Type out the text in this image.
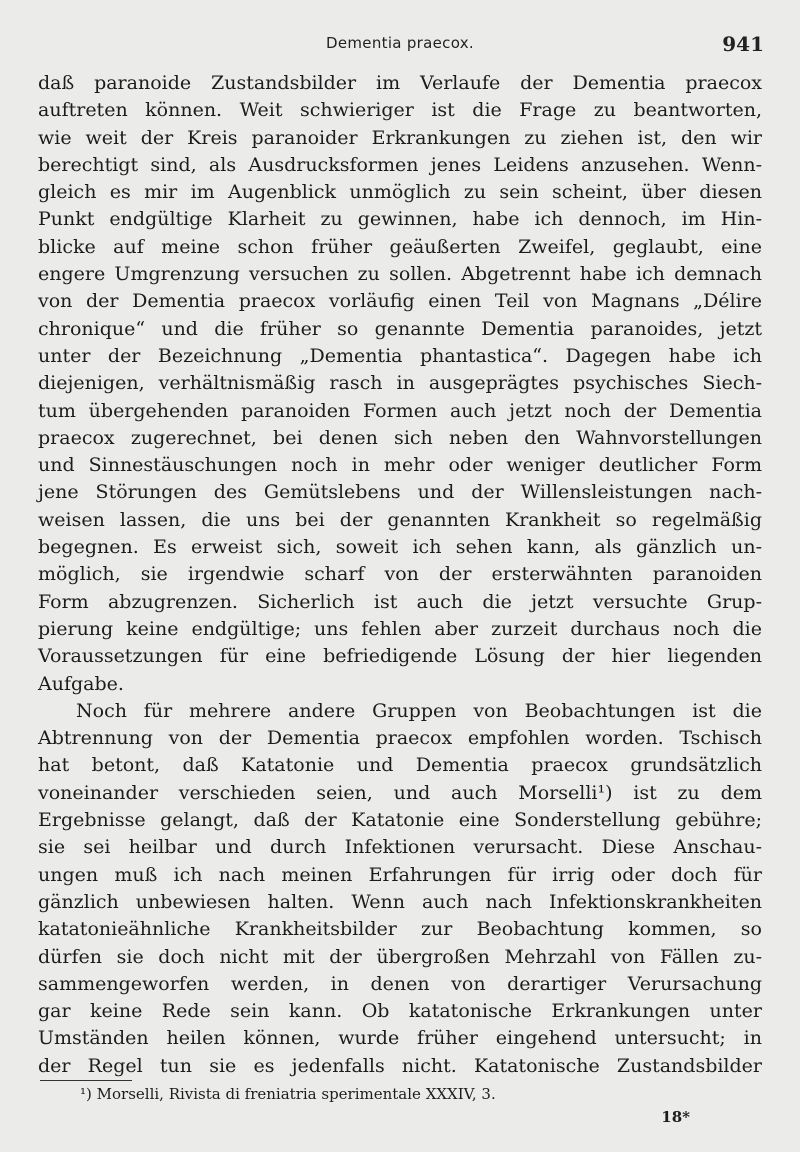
Dementia praecox.	941
daß paranoide Zustandsbilder im Verlaufe der Dementia praecox
auftreten können. Weit schwieriger ist die Frage zu beantworten,
wie weit der Kreis paranoider Erkrankungen zu ziehen ist, den wir
berechtigt sind, als Ausdrucksformen jenes Leidens anzusehen. Wenn-
gleich es mir im Augenblick unmöglich zu sein scheint, über diesen
Punkt endgültige Klarheit zu gewinnen, habe ich dennoch, im Hin-
blicke auf meine schon früher geäußerten Zweifel, geglaubt, eine
engere Umgrenzung versuchen zu sollen. Abgetrennt habe ich demnach
von der Dementia praecox vorläufig einen Teil von Magnans „Délire
chronique“ und die früher so genannte Dementia paranoides, jetzt
unter der Bezeichnung „Dementia phantastica“. Dagegen habe ich
diejenigen, verhältnismäßig rasch in ausgeprägtes psychisches Siech-
tum übergehenden paranoiden Formen auch jetzt noch der Dementia
praecox zugerechnet, bei denen sich neben den Wahnvorstellungen
und Sinnestäuschungen noch in mehr oder weniger deutlicher Form
jene Störungen des Gemütslebens und der Willensleistungen nach-
weisen lassen, die uns bei der genannten Krankheit so regelmäßig
begegnen. Es erweist sich, soweit ich sehen kann, als gänzlich un-
möglich, sie irgendwie scharf von der ersterwähnten paranoiden
Form abzugrenzen. Sicherlich ist auch die jetzt versuchte Grup-
pierung keine endgültige; uns fehlen aber zurzeit durchaus noch die
Voraussetzungen für eine befriedigende Lösung der hier liegenden
Aufgabe.
Noch für mehrere andere Gruppen von Beobachtungen ist die
Abtrennung von der Dementia praecox empfohlen worden. Tschisch
hat betont, daß Katatonie und Dementia praecox grundsätzlich
voneinander verschieden seien, und auch Morselli¹) ist zu dem
Ergebnisse gelangt, daß der Katatonie eine Sonderstellung gebühre;
sie sei heilbar und durch Infektionen verursacht. Diese Anschau-
ungen muß ich nach meinen Erfahrungen für irrig oder doch für
gänzlich unbewiesen halten. Wenn auch nach Infektionskrankheiten
katatonieähnliche Krankheitsbilder zur Beobachtung kommen, so
dürfen sie doch nicht mit der übergroßen Mehrzahl von Fällen zu-
sammengeworfen werden, in denen von derartiger Verursachung
gar keine Rede sein kann. Ob katatonische Erkrankungen unter
Umständen heilen können, wurde früher eingehend untersucht; in
der Regel tun sie es jedenfalls nicht. Katatonische Zustandsbilder
¹) Morselli, Rivista di freniatria sperimentale XXXIV, 3.
18*
